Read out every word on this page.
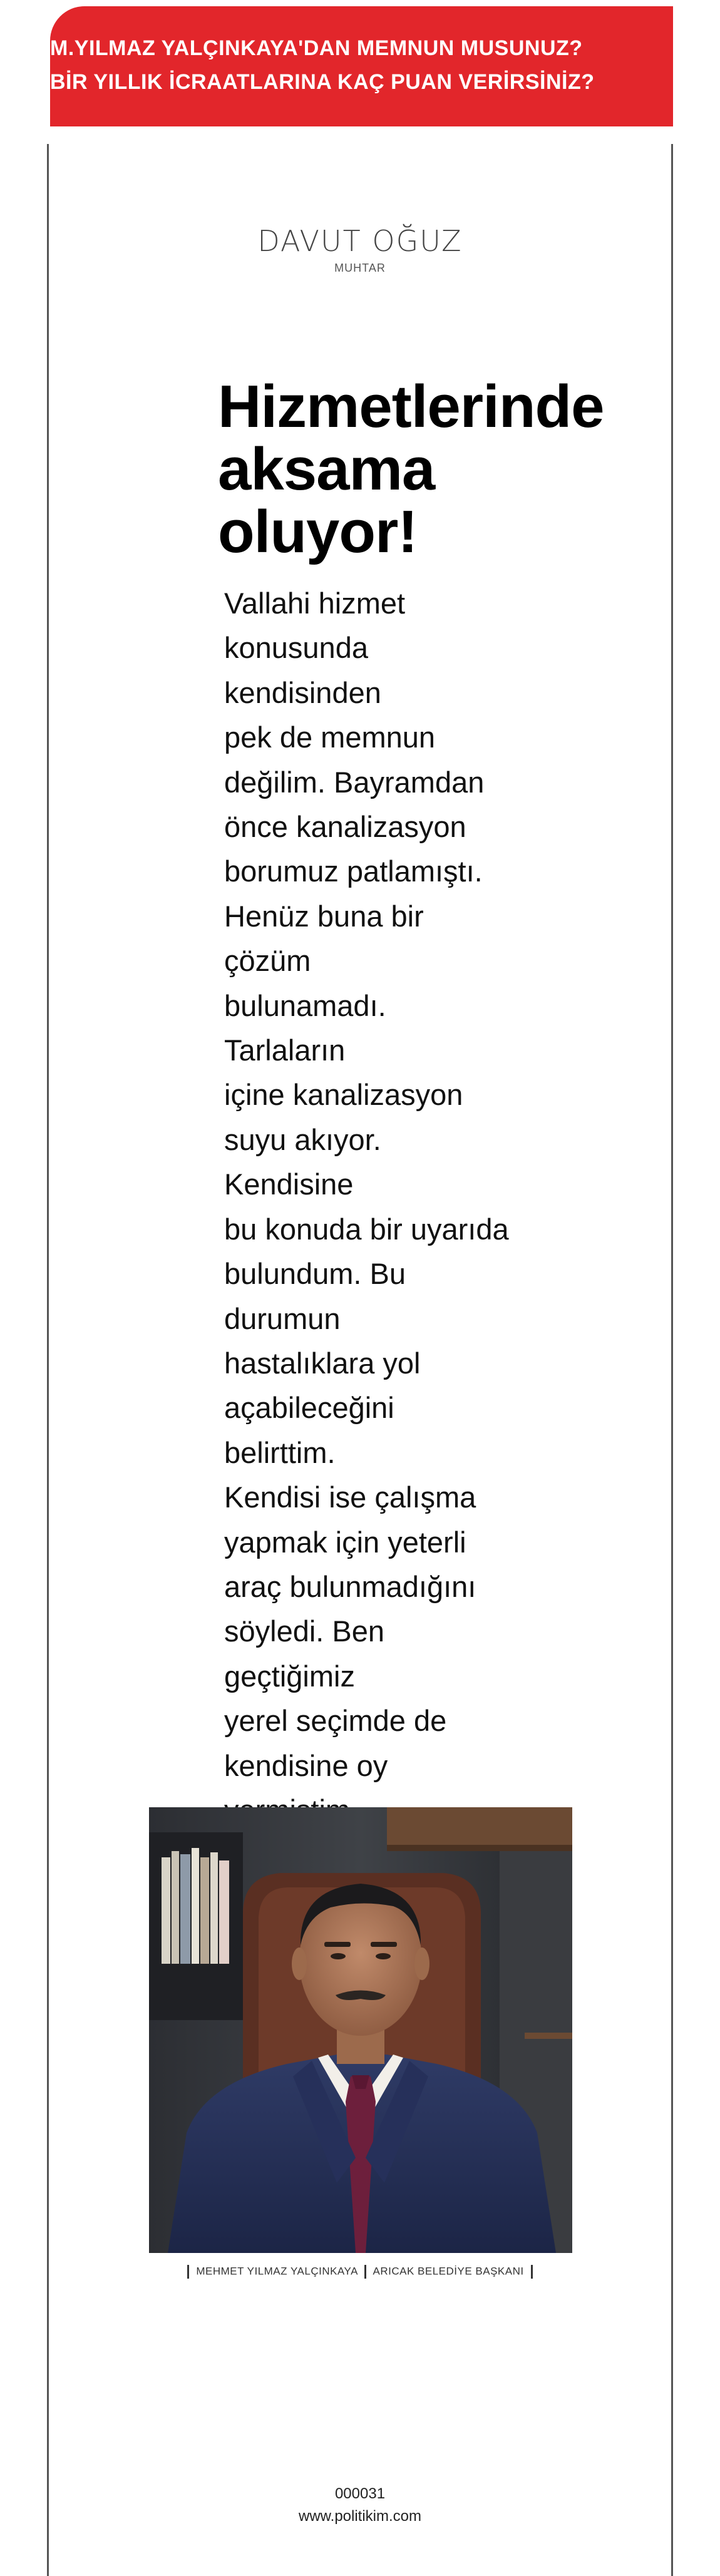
M.YILMAZ YALÇINKAYA'DAN MEMNUN MUSUNUZ?
BİR YILLIK İCRAATLARINA KAÇ PUAN VERİRSİNİZ?
DAVUT OĞUZ
MUHTAR
Hizmetlerinde
aksama
oluyor!
Vallahi hizmet
konusunda kendisinden
pek de memnun
değilim. Bayramdan
önce kanalizasyon
borumuz patlamıştı.
Henüz buna bir çözüm
bulunamadı. Tarlaların
içine kanalizasyon
suyu akıyor. Kendisine
bu konuda bir uyarıda
bulundum. Bu durumun
hastalıklara yol
açabileceğini belirttim.
Kendisi ise çalışma
yapmak için yeterli
araç bulunmadığını
söyledi. Ben geçtiğimiz
yerel seçimde de
kendisine oy
MEHMET YILMAZ YALÇINKAYA ARICAK BELEDİYE BAŞKANI
000031
www.politikim.com
